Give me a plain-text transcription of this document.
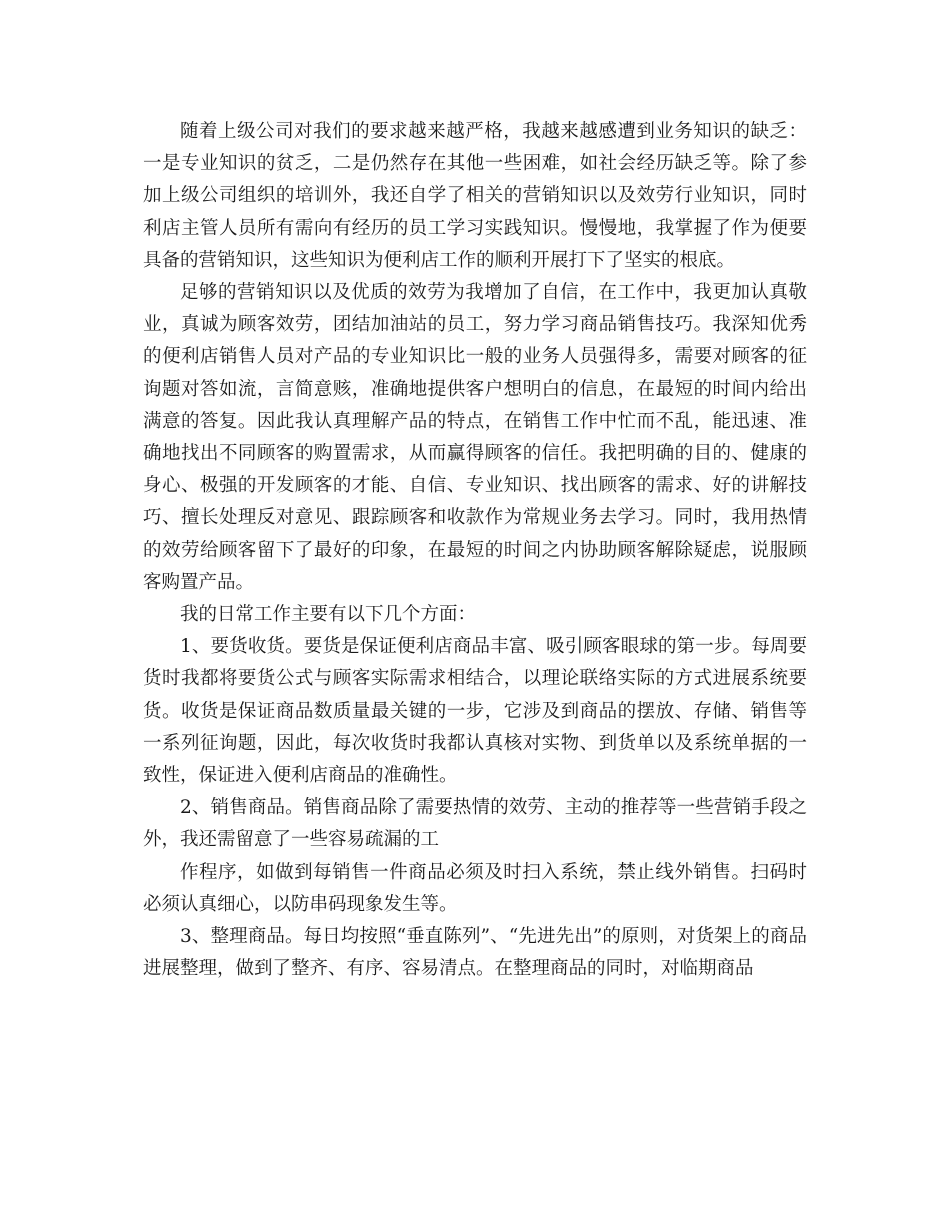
随着上级公司对我们的要求越来越严格，我越来越感遭到业务知识的缺乏：一是专业知识的贫乏，二是仍然存在其他一些困难，如社会经历缺乏等。除了参加上级公司组织的培训外，我还自学了相关的营销知识以及效劳行业知识，同时利店主管人员所有需向有经历的员工学习实践知识。慢慢地，我掌握了作为便要具备的营销知识，这些知识为便利店工作的顺利开展打下了坚实的根底。

足够的营销知识以及优质的效劳为我增加了自信，在工作中，我更加认真敬业，真诚为顾客效劳，团结加油站的员工，努力学习商品销售技巧。我深知优秀的便利店销售人员对产品的专业知识比一般的业务人员强得多，需要对顾客的征询题对答如流，言简意赅，准确地提供客户想明白的信息，在最短的时间内给出满意的答复。因此我认真理解产品的特点，在销售工作中忙而不乱，能迅速、准确地找出不同顾客的购置需求，从而赢得顾客的信任。我把明确的目的、健康的身心、极强的开发顾客的才能、自信、专业知识、找出顾客的需求、好的讲解技巧、擅长处理反对意见、跟踪顾客和收款作为常规业务去学习。同时，我用热情的效劳给顾客留下了最好的印象，在最短的时间之内协助顾客解除疑虑，说服顾客购置产品。

我的日常工作主要有以下几个方面：

1、要货收货。要货是保证便利店商品丰富、吸引顾客眼球的第一步。每周要货时我都将要货公式与顾客实际需求相结合，以理论联络实际的方式进展系统要货。收货是保证商品数质量最关键的一步，它涉及到商品的摆放、存储、销售等一系列征询题，因此，每次收货时我都认真核对实物、到货单以及系统单据的一致性，保证进入便利店商品的准确性。

2、销售商品。销售商品除了需要热情的效劳、主动的推荐等一些营销手段之外，我还需留意了一些容易疏漏的工

作程序，如做到每销售一件商品必须及时扫入系统，禁止线外销售。扫码时必须认真细心，以防串码现象发生等。

3、整理商品。每日均按照“垂直陈列”、“先进先出”的原则，对货架上的商品进展整理，做到了整齐、有序、容易清点。在整理商品的同时，对临期商品
